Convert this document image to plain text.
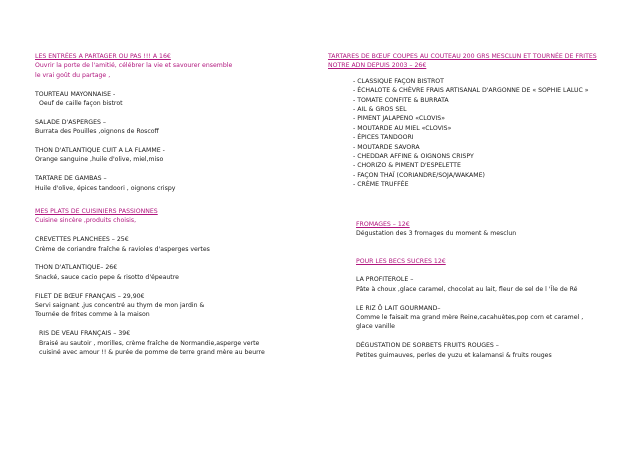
LES ENTRÉES A PARTAGER OU PAS !!! A 16€
Ouvrir la porte de l'amitié, célébrer la vie et savourer ensemble
le vrai goût du partage ,
TOURTEAU MAYONNAISE -
Oeuf de caille façon bistrot
SALADE D'ASPERGES –
Burrata des Pouilles ,oignons de Roscoff
THON D'ATLANTIQUE CUIT A LA FLAMME -
Orange sanguine ,huile d'olive, miel,miso
TARTARE DE GAMBAS –
Huile d'olive, épices tandoori , oignons crispy
MES PLATS DE CUISINIERS PASSIONNES
Cuisine sincère ,produits choisis,
CREVETTES PLANCHEES – 25€
Crème de coriandre fraîche & ravioles d'asperges vertes
THON D'ATLANTIQUE– 26€
Snacké, sauce cacio pepe & risotto d'épeautre
FILET DE BŒUF FRANÇAIS – 29,90€
Servi saignant ,jus concentré au thym de mon jardin &
Tournée de frites comme à la maison
RIS DE VEAU FRANÇAIS – 39€
Braisé au sautoir , morilles, crème fraîche de Normandie,asperge verte
cuisiné avec amour !! & purée de pomme de terre grand mère au beurre
TARTARES DE BŒUF COUPES AU COUTEAU 200 GRS MESCLUN ET TOURNÉE DE FRITES
NOTRE ADN DEPUIS 2003 – 26€
- CLASSIQUE FAÇON BISTROT
- ÉCHALOTE & CHÈVRE FRAIS ARTISANAL D'ARGONNE DE « SOPHIE LALUC »
- TOMATE CONFITE & BURRATA
- AIL & GROS SEL
- PIMENT JALAPENO «CLOVIS»
- MOUTARDE AU MIEL «CLOVIS»
- ÉPICES TANDOORI
- MOUTARDE SAVORA
- CHEDDAR AFFINE & OIGNONS CRISPY
- CHORIZO & PIMENT D'ESPELETTE
- FAÇON THAÏ (CORIANDRE/SOJA/WAKAME)
- CRÈME TRUFFÉE
FROMAGES – 12€
Dégustation des 3 fromages du moment & mesclun
POUR LES BECS SUCRES 12€
LA PROFITEROLE –
Pâte à choux ,glace caramel, chocolat au lait, fleur de sel de l 'Île de Ré
LE RIZ Ô LAIT GOURMAND–
Comme le faisait ma grand mère Reine,cacahuètes,pop corn et caramel ,
glace vanille
DÉGUSTATION DE SORBETS FRUITS ROUGES –
Petites guimauves, perles de yuzu et kalamansi & fruits rouges
